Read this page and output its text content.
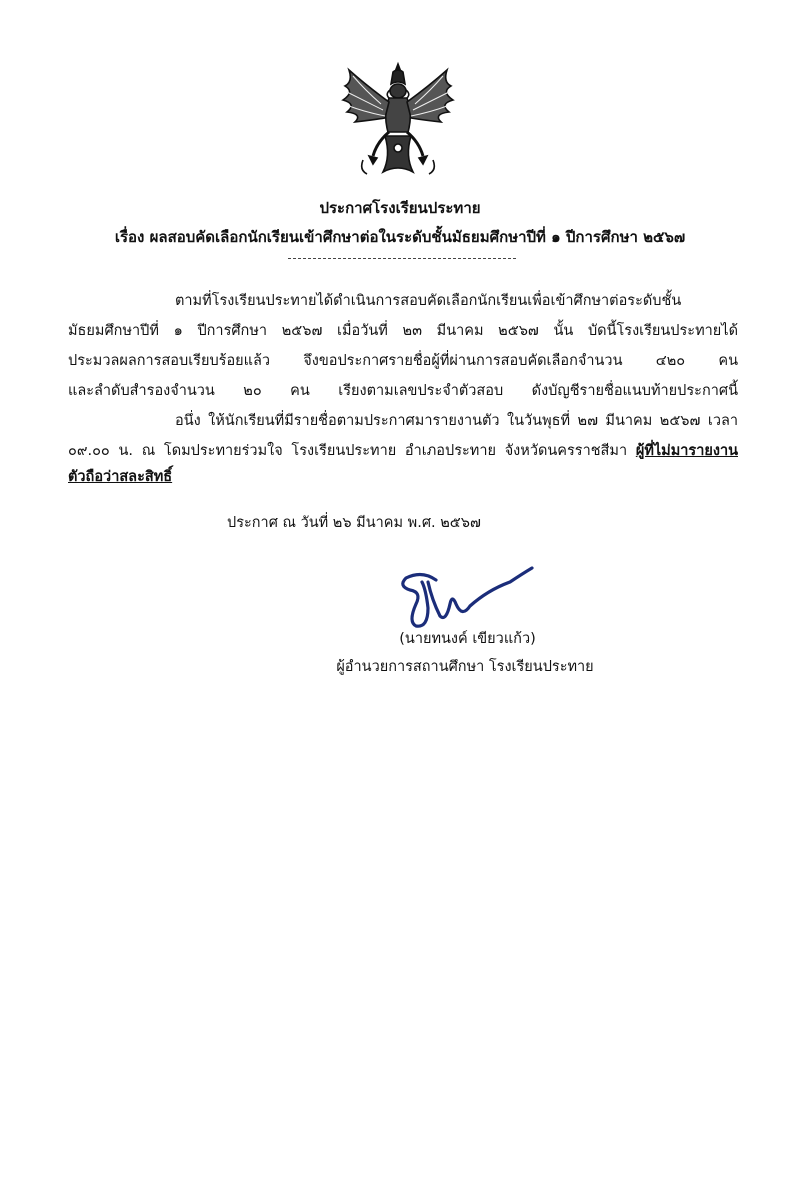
ประกาศโรงเรียนประทาย
เรื่อง ผลสอบคัดเลือกนักเรียนเข้าศึกษาต่อในระดับชั้นมัธยมศึกษาปีที่ ๑ ปีการศึกษา ๒๕๖๗
ตามที่โรงเรียนประทายได้ดำเนินการสอบคัดเลือกนักเรียนเพื่อเข้าศึกษาต่อระดับชั้น
มัธยมศึกษาปีที่ ๑ ปีการศึกษา ๒๕๖๗ เมื่อวันที่ ๒๓ มีนาคม ๒๕๖๗ นั้น บัดนี้โรงเรียนประทายได้
ประมวลผลการสอบเรียบร้อยแล้ว จึงขอประกาศรายชื่อผู้ที่ผ่านการสอบคัดเลือกจำนวน ๔๒๐ คน
และลำดับสำรองจำนวน ๒๐ คน เรียงตามเลขประจำตัวสอบ ดังบัญชีรายชื่อแนบท้ายประกาศนี้
อนึ่ง ให้นักเรียนที่มีรายชื่อตามประกาศมารายงานตัว ในวันพุธที่ ๒๗ มีนาคม ๒๕๖๗ เวลา
๐๙.๐๐ น. ณ โดมประทายร่วมใจ โรงเรียนประทาย อำเภอประทาย จังหวัดนครราชสีมา ผู้ที่ไม่มารายงาน
ตัวถือว่าสละสิทธิ์
ประกาศ ณ วันที่ ๒๖ มีนาคม พ.ศ. ๒๕๖๗
(นายทนงค์ เขียวแก้ว)
ผู้อำนวยการสถานศึกษา โรงเรียนประทาย
